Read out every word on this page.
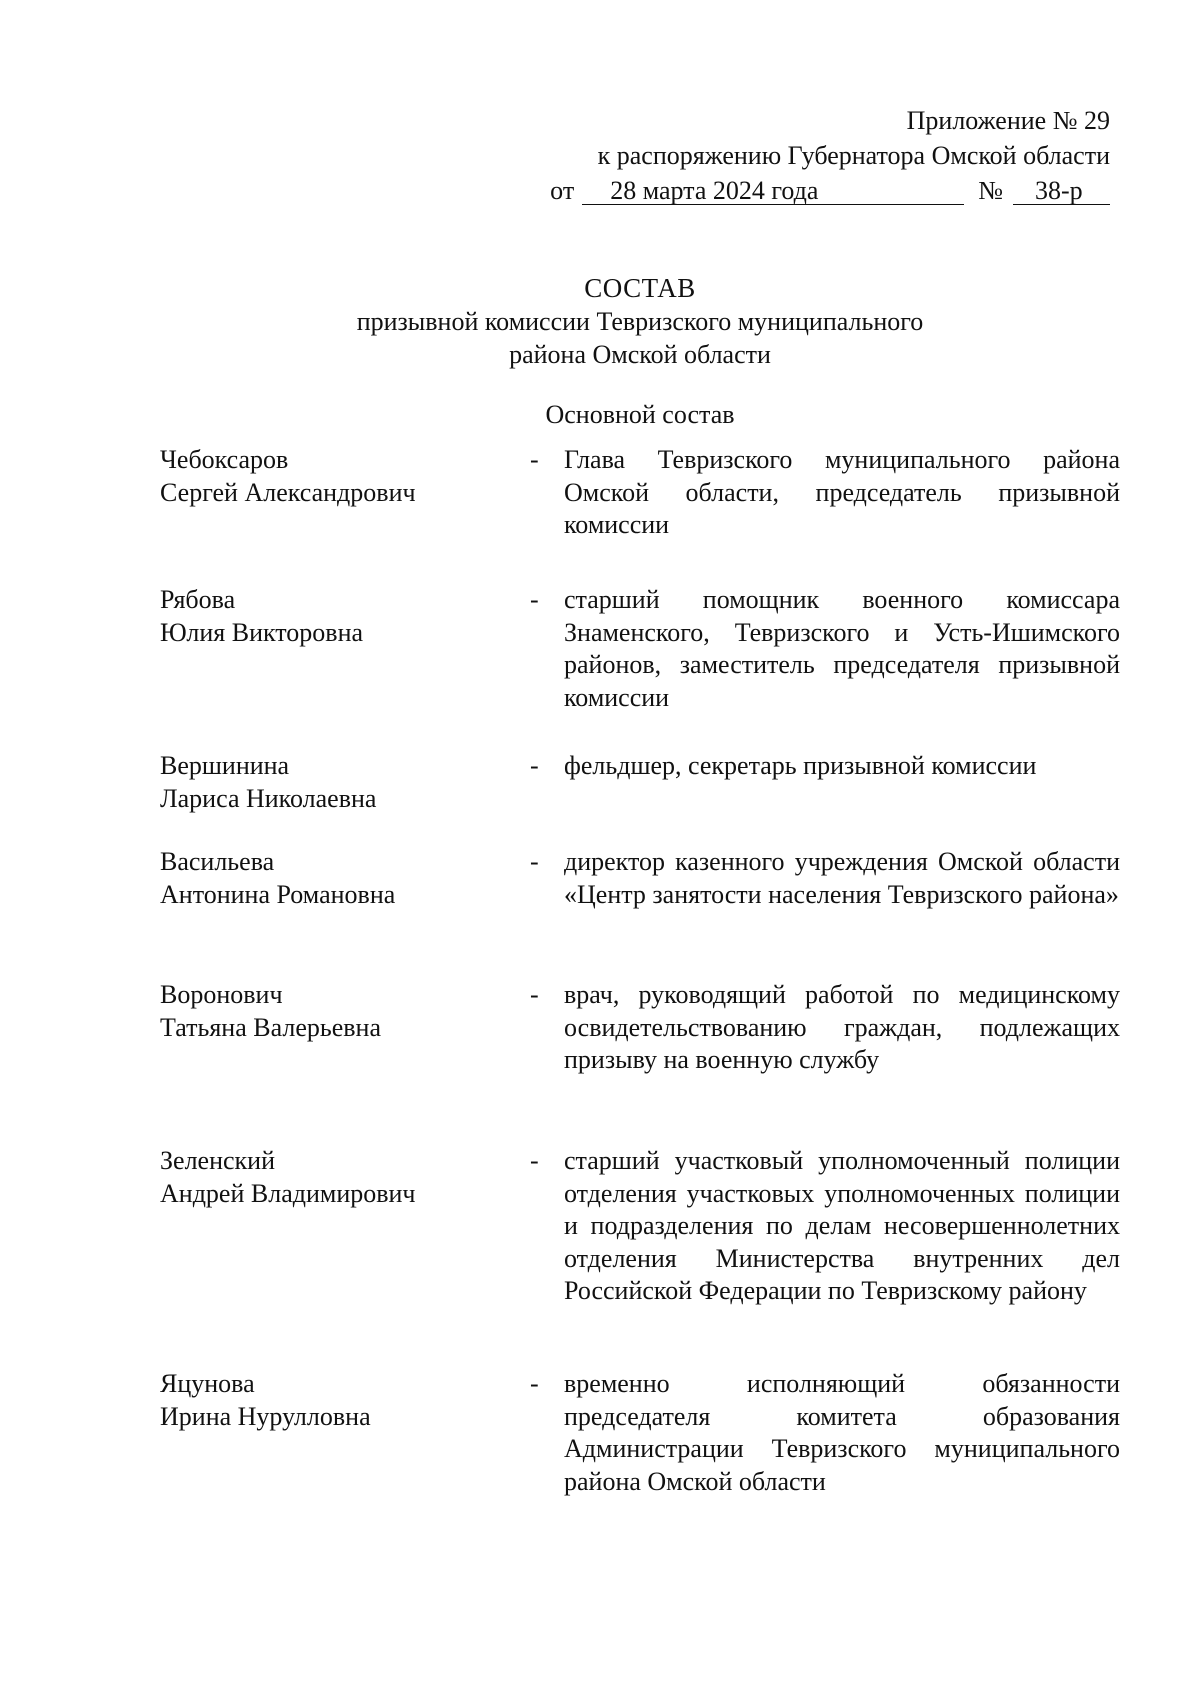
Приложение № 29
к распоряжению Губернатора Омской области
от	28 марта 2024 года	№	38-р
СОСТАВ
призывной комиссии Тевризского муниципального
района Омской области
Основной состав
Чебоксаров
Сергей Александрович
- Глава Тевризского муниципального района Омской области, председатель призывной комиссии
Рябова
Юлия Викторовна
- старший помощник военного комиссара Знаменского, Тевризского и Усть-Ишимского районов, заместитель председателя призывной комиссии
Вершинина
Лариса Николаевна
- фельдшер, секретарь призывной комиссии
Васильева
Антонина Романовна
- директор казенного учреждения Омской области «Центр занятости населения Тевризского района»
Воронович
Татьяна Валерьевна
- врач, руководящий работой по медицинскому освидетельствованию граждан, подлежащих призыву на военную службу
Зеленский
Андрей Владимирович
- старший участковый уполномоченный полиции отделения участковых уполномоченных полиции и подразделения по делам несовершеннолетних отделения Министерства внутренних дел Российской Федерации по Тевризскому району
Яцунова
Ирина Нурулловна
- временно исполняющий обязанности председателя комитета образования Администрации Тевризского муниципального района Омской области
